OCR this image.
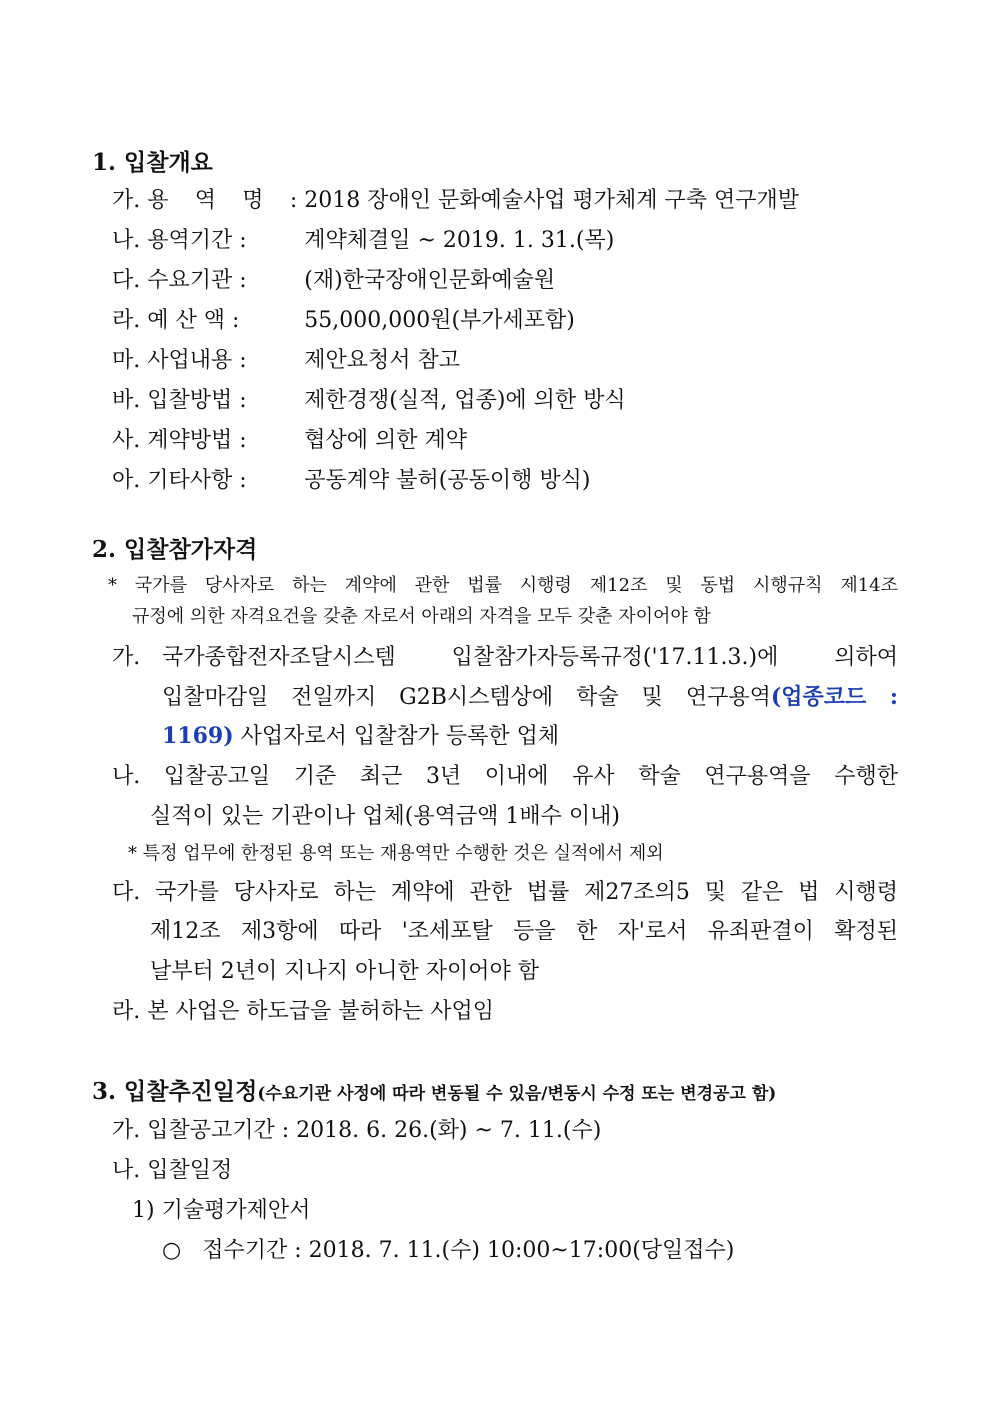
1. 입찰개요
가. 용 역 명 : 2018 장애인 문화예술사업 평가체계 구축 연구개발
나. 용역기간 :	계약체결일 ~ 2019. 1. 31.(목)
다. 수요기관 :	(재)한국장애인문화예술원
라. 예 산 액 :	55,000,000원(부가세포함)
마. 사업내용 :	제안요청서 참고
바. 입찰방법 :	제한경쟁(실적, 업종)에 의한 방식
사. 계약방법 :	협상에 의한 계약
아. 기타사항 :	공동계약 불허(공동이행 방식)
2. 입찰참가자격
* 국가를 당사자로 하는 계약에 관한 법률 시행령 제12조 및 동법 시행규칙 제14조
규정에 의한 자격요건을 갖춘 자로서 아래의 자격을 모두 갖춘 자이어야 함
가. 국가종합전자조달시스템 입찰참가자등록규정('17.11.3.)에 의하여
입찰마감일 전일까지 G2B시스템상에 학술 및 연구용역(업종코드 :
1169) 사업자로서 입찰참가 등록한 업체
나. 입찰공고일 기준 최근 3년 이내에 유사 학술 연구용역을 수행한
실적이 있는 기관이나 업체(용역금액 1배수 이내)
* 특정 업무에 한정된 용역 또는 재용역만 수행한 것은 실적에서 제외
다. 국가를 당사자로 하는 계약에 관한 법률 제27조의5 및 같은 법 시행령
제12조 제3항에 따라 '조세포탈 등을 한 자'로서 유죄판결이 확정된
날부터 2년이 지나지 아니한 자이어야 함
라. 본 사업은 하도급을 불허하는 사업임
3. 입찰추진일정(수요기관 사정에 따라 변동될 수 있음/변동시 수정 또는 변경공고 함)
가. 입찰공고기간 : 2018. 6. 26.(화) ~ 7. 11.(수)
나. 입찰일정
1) 기술평가제안서
○ 접수기간 : 2018. 7. 11.(수) 10:00~17:00(당일접수)
